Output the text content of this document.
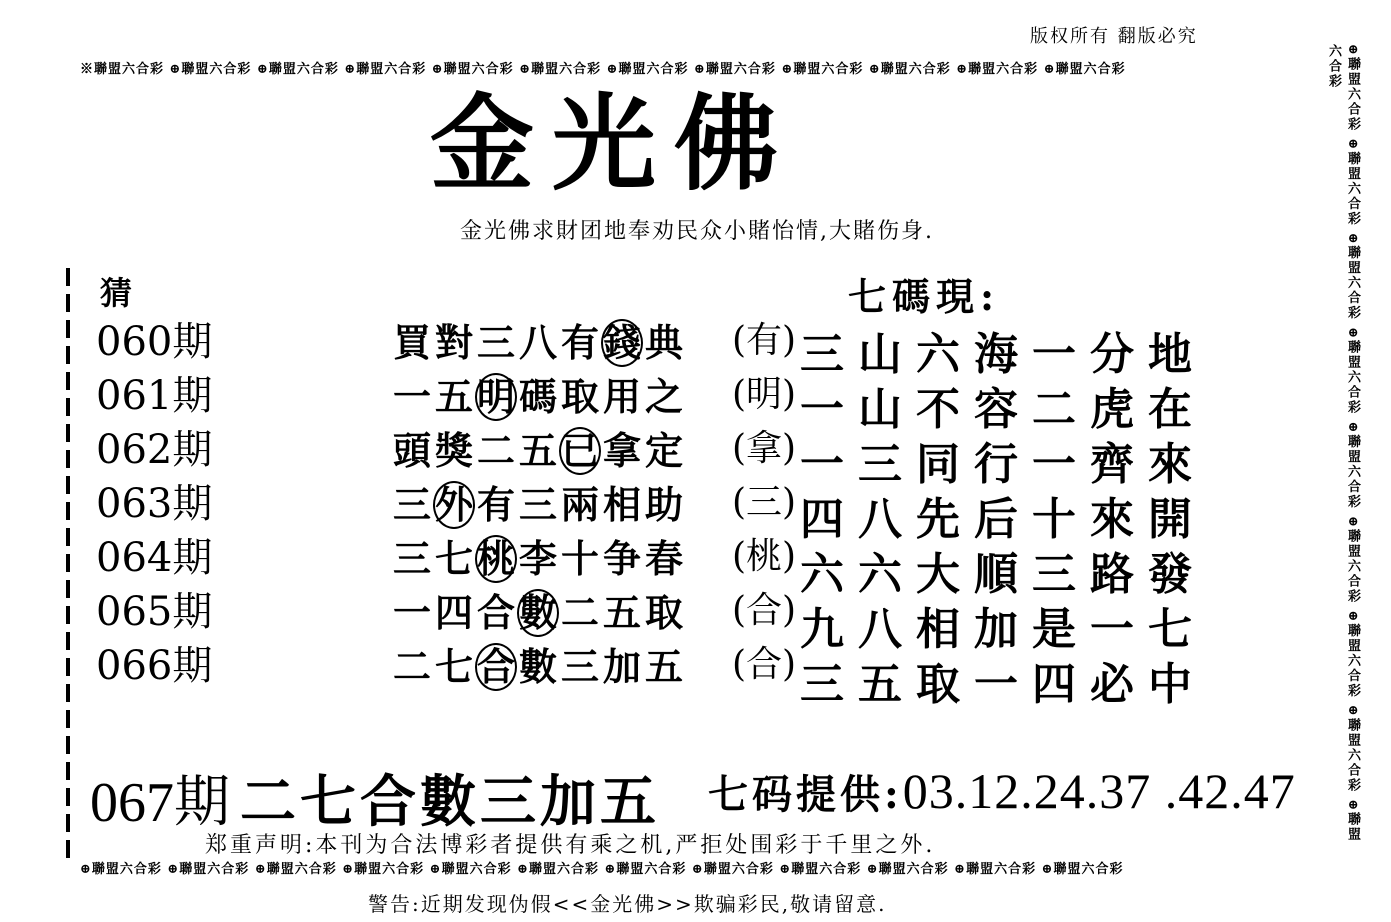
版权所有 翻版必究
※聯盟六合彩 ⊕聯盟六合彩 ⊕聯盟六合彩 ⊕聯盟六合彩 ⊕聯盟六合彩 ⊕聯盟六合彩 ⊕聯盟六合彩 ⊕聯盟六合彩 ⊕聯盟六合彩 ⊕聯盟六合彩 ⊕聯盟六合彩 ⊕聯盟六合彩	⊕聯盟六合彩 ⊕聯盟六合彩 ⊕聯盟六合彩 ⊕聯盟六合彩 ⊕聯盟六合彩 ⊕聯盟六合彩 ⊕聯盟六合彩 ⊕聯盟六合彩 ⊕聯盟六合彩
金光佛
金光佛求財团地奉劝民众小賭怡情,大賭伤身.
猜
060期	買 對 三 八 有 錢 典 (有)
061期	一 五 明 碼 取 用 之 (明)
062期	頭 獎 二 五 已 拿 定 (拿)
063期	三 外 有 三 兩 相 助 (三)
064期	三 七 桃 李 十 争 春 (桃)
065期	一 四 合 數 二 五 取 (合)
066期	二 七 合 數 三 加 五 (合)
七碼現:
三山六海一分地
一山不容二虎在
一三同行一齊來
四八先后十來開
六六大順三路發
九八相加是一七
三五取一四必中
067期 二七合數三加五 七码提供:03.12.24.37 .42.47
郑重声明:本刊为合法博彩者提供有乘之机,严拒处围彩于千里之外.
⊕聯盟六合彩 ⊕聯盟六合彩 ⊕聯盟六合彩 ⊕聯盟六合彩 ⊕聯盟六合彩 ⊕聯盟六合彩 ⊕聯盟六合彩 ⊕聯盟六合彩 ⊕聯盟六合彩 ⊕聯盟六合彩 ⊕聯盟六合彩 ⊕聯盟六合彩
警告:近期发现伪假<<金光佛>>欺骗彩民,敬请留意.
